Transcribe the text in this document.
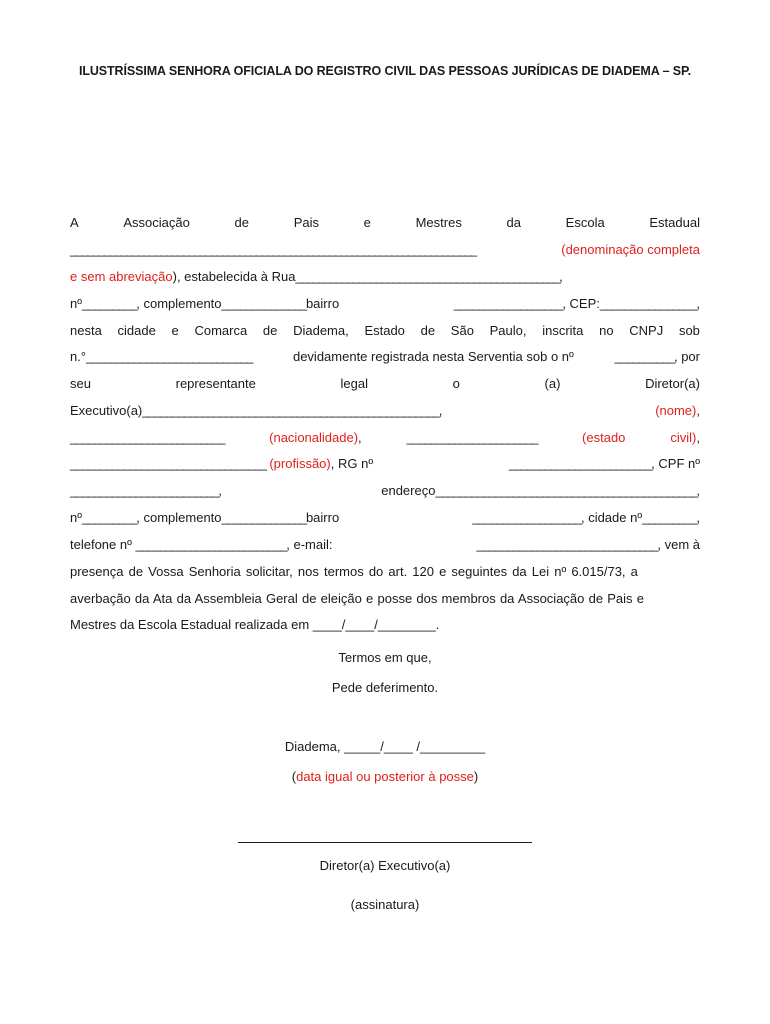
ILUSTRÍSSIMA SENHORA OFICIALA DO REGISTRO CIVIL DAS PESSOAS JURÍDICAS DE DIADEMA – SP.
A	Associação	de	Pais	e	Mestres	da	Escola	Estadual
________________________________________________________________________	(denominação completa
e sem abreviação), estabelecida à Rua______________________________________________,
nº_________, complemento______________bairro	__________________, CEP:________________,
nesta cidade e Comarca de Diadema, Estado de São Paulo, inscrita no CNPJ sob
n.°____________________________	devidamente registrada nesta Serventia sob o nº	__________, por
seu	representante	legal	o	(a)	Diretor(a)
Executivo(a)__________________________________________________,	(nome),
__________________________	(nacionalidade),	______________________	(estado	civil),
_________________________________ (profissão), RG nº	________________________, CPF nº
_________________________,	endereço____________________________________________,
nº_________, complemento______________bairro	__________________, cidade nº_________,
telefone nº _________________________, e-mail:	______________________________, vem à
presença de Vossa Senhoria solicitar, nos termos do art. 120 e seguintes da Lei nº 6.015/73, a
averbação da Ata da Assembleia Geral de eleição e posse dos membros da Associação de Pais e
Mestres da Escola Estadual realizada em ____/____/________.
Termos em que,
Pede deferimento.
Diadema, _____/____ /_________
(data igual ou posterior à posse)
Diretor(a) Executivo(a)
(assinatura)
